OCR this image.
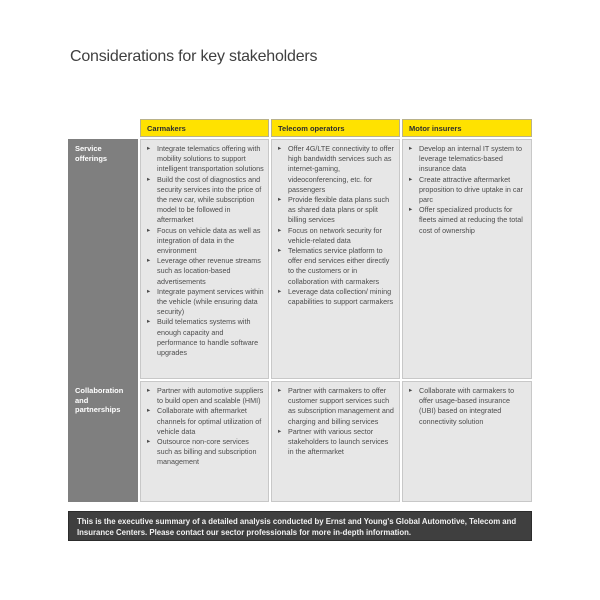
Considerations for key stakeholders
Carmakers	Telecom operators	Motor insurers
Service offerings
Collaboration and partnerships
▸ Integrate telematics offering with mobility solutions to support intelligent transportation solutions
▸ Build the cost of diagnostics and security services into the price of the new car, while subscription model to be followed in aftermarket
▸ Focus on vehicle data as well as integration of data in the environment
▸ Leverage other revenue streams such as location-based advertisements
▸ Integrate payment services within the vehicle (while ensuring data security)
▸ Build telematics systems with enough capacity and performance to handle software upgrades
▸ Offer 4G/LTE connectivity to offer high bandwidth services such as internet-gaming, videoconferencing, etc. for passengers
▸ Provide flexible data plans such as shared data plans or split billing services
▸ Focus on network security for vehicle-related data
▸ Telematics service platform to offer end services either directly to the customers or in collaboration with carmakers
▸ Leverage data collection/ mining capabilities to support carmakers
▸ Develop an internal IT system to leverage telematics-based insurance data
▸ Create attractive aftermarket proposition to drive uptake in car parc
▸ Offer specialized products for fleets aimed at reducing the total cost of ownership
▸ Partner with automotive suppliers to build open and scalable (HMI)
▸ Collaborate with aftermarket channels for optimal utilization of vehicle data
▸ Outsource non-core services such as billing and subscription management
▸ Partner with carmakers to offer customer support services such as subscription management and charging and billing services
▸ Partner with various sector stakeholders to launch services in the aftermarket
▸ Collaborate with carmakers to offer usage-based insurance (UBI) based on integrated connectivity solution
This is the executive summary of a detailed analysis conducted by Ernst and Young's Global Automotive, Telecom and Insurance Centers. Please contact our sector professionals for more in-depth information.
